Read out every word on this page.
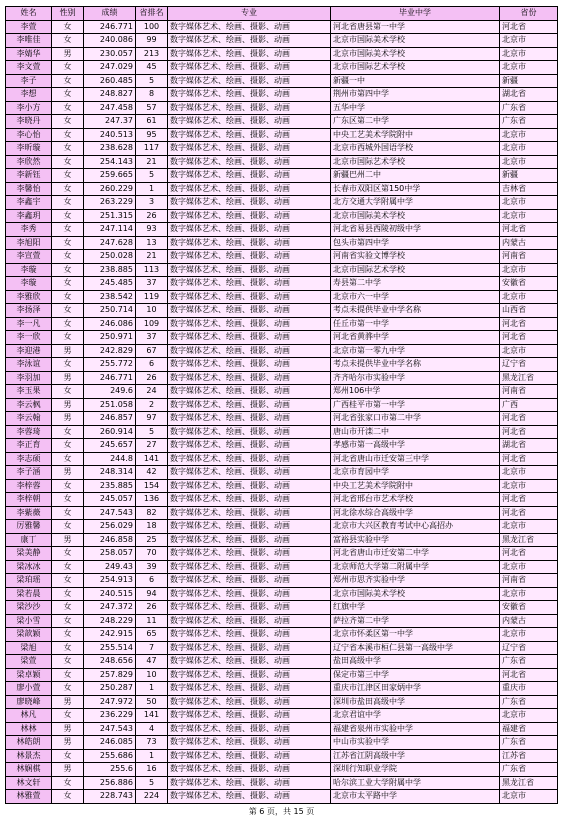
姓名	性别	成绩	省排名	专业	毕业中学	省份
李萱	女	246.771	100	数字媒体艺术、绘画、摄影、动画	河北省唐县第一中学	河北省
李唯佳	女	240.086	99	数字媒体艺术、绘画、摄影、动画	北京市国际美术学校	北京市
李婧华	男	230.057	213	数字媒体艺术、绘画、摄影、动画	北京市国际美术学校	北京市
李文萱	女	247.029	45	数字媒体艺术、绘画、摄影、动画	北京市国际艺术学校	北京市
李子	女	260.485	5	数字媒体艺术、绘画、摄影、动画	新疆一中	新疆
李想	女	248.827	8	数字媒体艺术、绘画、摄影、动画	荆州市第四中学	湖北省
李小方	女	247.458	57	数字媒体艺术、绘画、摄影、动画	五华中学	广东省
李晓丹	女	247.37	61	数字媒体艺术、绘画、摄影、动画	广东区第二中学	广东省
李心怡	女	240.513	95	数字媒体艺术、绘画、摄影、动画	中央工艺美术学院附中	北京市
李昕璇	女	238.628	117	数字媒体艺术、绘画、摄影、动画	北京市西城外国语学校	北京市
李欣然	女	254.143	21	数字媒体艺术、绘画、摄影、动画	北京市国际艺术学校	北京市
李新钰	女	259.665	5	数字媒体艺术、绘画、摄影、动画	新疆巴州二中	新疆
李馨怡	女	260.229	1	数字媒体艺术、绘画、摄影、动画	长春市双阳区第150中学	吉林省
李鑫宇	女	263.229	3	数字媒体艺术、绘画、摄影、动画	北方交通大学附属中学	北京市
李鑫玥	女	251.315	26	数字媒体艺术、绘画、摄影、动画	北京市国际美术学校	北京市
李秀	女	247.114	93	数字媒体艺术、绘画、摄影、动画	河北省易县西陵初级中学	河北省
李旭阳	女	247.628	13	数字媒体艺术、绘画、摄影、动画	包头市第四中学	内蒙古
李宣萱	女	250.028	21	数字媒体艺术、绘画、摄影、动画	河南省实验文博学校	河南省
李璇	女	238.885	113	数字媒体艺术、绘画、摄影、动画	北京市国际艺术学校	北京市
李璇	女	245.485	37	数字媒体艺术、绘画、摄影、动画	寿县第二中学	安徽省
李雅欣	女	238.542	119	数字媒体艺术、绘画、摄影、动画	北京市六一中学	北京市
李扬泽	女	250.714	10	数字媒体艺术、绘画、摄影、动画	考点未提供毕业中学名称	山西省
李一凡	女	246.086	109	数字媒体艺术、绘画、摄影、动画	任丘市第一中学	河北省
李一欣	女	250.971	37	数字媒体艺术、绘画、摄影、动画	河北省黄骅中学	河北省
李迎港	男	242.829	67	数字媒体艺术、绘画、摄影、动画	北京市第一零九中学	北京市
李泳谊	女	255.772	6	数字媒体艺术、绘画、摄影、动画	考点未提供毕业中学名称	辽宁省
李羽加	男	246.771	26	数字媒体艺术、绘画、摄影、动画	齐齐哈尔市实验中学	黑龙江省
李玉果	女	249.6	24	数字媒体艺术、绘画、摄影、动画	郑州106中学	河南省
李云枫	男	251.058	2	数字媒体艺术、绘画、摄影、动画	广西桂平市第一中学	广西
李云翰	男	246.857	97	数字媒体艺术、绘画、摄影、动画	河北省张家口市第二中学	河北省
李蓉琦	女	260.914	5	数字媒体艺术、绘画、摄影、动画	唐山市开滦二中	河北省
李正育	女	245.657	27	数字媒体艺术、绘画、摄影、动画	孝感市第一高级中学	湖北省
李志硕	女	244.8	141	数字媒体艺术、绘画、摄影、动画	河北省唐山市迁安第三中学	河北省
李子涵	男	248.314	42	数字媒体艺术、绘画、摄影、动画	北京市育园中学	北京市
李梓蓉	女	235.885	154	数字媒体艺术、绘画、摄影、动画	中央工艺美术学院附中	北京市
李梓朝	女	245.057	136	数字媒体艺术、绘画、摄影、动画	河北省邢台市艺术学校	河北省
李紫薇	女	247.543	82	数字媒体艺术、绘画、摄影、动画	河北徐水综合高级中学	河北省
厉雅馨	女	256.029	18	数字媒体艺术、绘画、摄影、动画	北京市大兴区教育考试中心高招办	北京市
康丁	男	246.858	25	数字媒体艺术、绘画、摄影、动画	富裕县实验中学	黑龙江省
梁美静	女	258.057	70	数字媒体艺术、绘画、摄影、动画	河北省唐山市迁安第二中学	河北省
梁冰冰	女	249.43	39	数字媒体艺术、绘画、摄影、动画	北京师范大学第二附属中学	北京市
梁珀瑶	女	254.913	6	数字媒体艺术、绘画、摄影、动画	郑州市思齐实验中学	河南省
梁若晨	女	240.515	94	数字媒体艺术、绘画、摄影、动画	北京市国际美术学校	北京市
梁沙沙	女	247.372	26	数字媒体艺术、绘画、摄影、动画	红旗中学	安徽省
梁小雪	女	248.229	11	数字媒体艺术、绘画、摄影、动画	萨拉齐第二中学	内蒙古
梁歆颖	女	242.915	65	数字媒体艺术、绘画、摄影、动画	北京市怀柔区第一中学	北京市
梁旭	女	255.514	7	数字媒体艺术、绘画、摄影、动画	辽宁省本溪市桓仁县第一高级中学	辽宁省
梁萱	女	248.656	47	数字媒体艺术、绘画、摄影、动画	盐田高级中学	广东省
梁卓颖	女	257.829	10	数字媒体艺术、绘画、摄影、动画	保定市第三中学	河北省
廖小萱	女	250.287	1	数字媒体艺术、绘画、摄影、动画	重庆市江津区田家炳中学	重庆市
廖晓峰	男	247.972	50	数字媒体艺术、绘画、摄影、动画	深圳市盐田高级中学	广东省
林凡	女	236.229	141	数字媒体艺术、绘画、摄影、动画	北京君谊中学	北京市
林林	男	247.543	4	数字媒体艺术、绘画、摄影、动画	福建省泉州市实验中学	福建省
林皓朗	男	246.085	73	数字媒体艺术、绘画、摄影、动画	中山市实验中学	广东省
林景杰	女	255.686	1	数字媒体艺术、绘画、摄影、动画	江苏省江阴高级中学	江苏省
林娴棋	男	255.6	16	数字媒体艺术、绘画、摄影、动画	深圳行知职业学院	广东省
林文轩	女	256.886	5	数字媒体艺术、绘画、摄影、动画	哈尔滨工业大学附属中学	黑龙江省
林雅萱	女	228.743	224	数字媒体艺术、绘画、摄影、动画	北京市太平路中学	北京市
第 6 页，共 15 页
